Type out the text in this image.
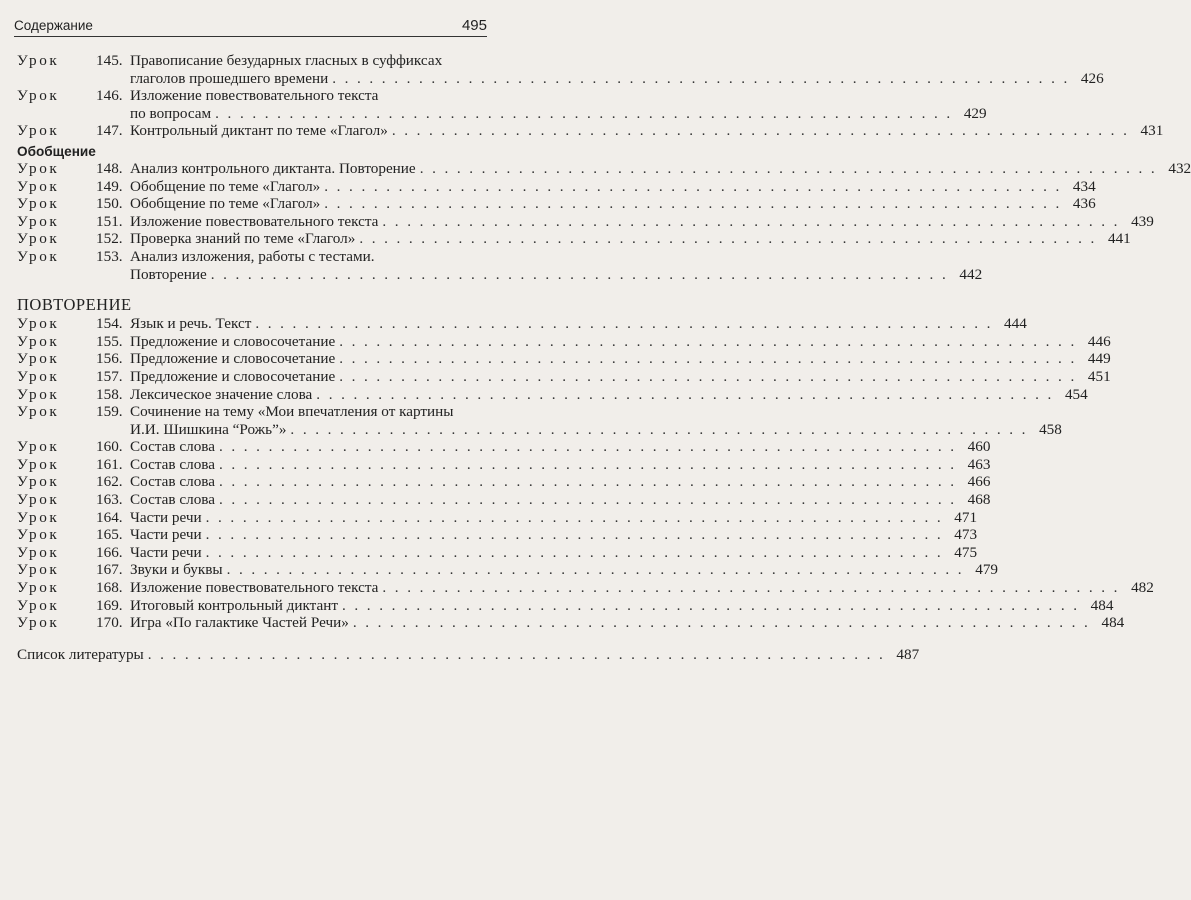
Содержание	495
Урок	145. Правописание безударных гласных в суффиксах
глаголов прошедшего времени . . . . . . . . . . . . . . . . . . . . . . . . . . . . . . . . . . . . . . . . . . . . . . . . . . . . . . . . . . . . 426
Урок	146. Изложение повествовательного текста
по вопросам . . . . . . . . . . . . . . . . . . . . . . . . . . . . . . . . . . . . . . . . . . . . . . . . . . . . . . . . . . . . 429
Урок	147. Контрольный диктант по теме «Глагол» . . . . . . . . . . . . . . . . . . . . . . . . . . . . . . . . . . . . . . . . . . . . . . . . . . . . . . . . . . . . 431
Обобщение
Урок	148. Анализ контрольного диктанта. Повторение . . . . . . . . . . . . . . . . . . . . . . . . . . . . . . . . . . . . . . . . . . . . . . . . . . . . . . . . . . . . 432
Урок	149. Обобщение по теме «Глагол» . . . . . . . . . . . . . . . . . . . . . . . . . . . . . . . . . . . . . . . . . . . . . . . . . . . . . . . . . . . . 434
Урок	150. Обобщение по теме «Глагол» . . . . . . . . . . . . . . . . . . . . . . . . . . . . . . . . . . . . . . . . . . . . . . . . . . . . . . . . . . . . 436
Урок	151. Изложение повествовательного текста . . . . . . . . . . . . . . . . . . . . . . . . . . . . . . . . . . . . . . . . . . . . . . . . . . . . . . . . . . . . 439
Урок	152. Проверка знаний по теме «Глагол» . . . . . . . . . . . . . . . . . . . . . . . . . . . . . . . . . . . . . . . . . . . . . . . . . . . . . . . . . . . . 441
Урок	153. Анализ изложения, работы с тестами.
Повторение . . . . . . . . . . . . . . . . . . . . . . . . . . . . . . . . . . . . . . . . . . . . . . . . . . . . . . . . . . . . 442
ПОВТОРЕНИЕ
Урок	154. Язык и речь. Текст . . . . . . . . . . . . . . . . . . . . . . . . . . . . . . . . . . . . . . . . . . . . . . . . . . . . . . . . . . . . 444
Урок	155. Предложение и словосочетание . . . . . . . . . . . . . . . . . . . . . . . . . . . . . . . . . . . . . . . . . . . . . . . . . . . . . . . . . . . . 446
Урок	156. Предложение и словосочетание . . . . . . . . . . . . . . . . . . . . . . . . . . . . . . . . . . . . . . . . . . . . . . . . . . . . . . . . . . . . 449
Урок	157. Предложение и словосочетание . . . . . . . . . . . . . . . . . . . . . . . . . . . . . . . . . . . . . . . . . . . . . . . . . . . . . . . . . . . . 451
Урок	158. Лексическое значение слова . . . . . . . . . . . . . . . . . . . . . . . . . . . . . . . . . . . . . . . . . . . . . . . . . . . . . . . . . . . . 454
Урок	159. Сочинение на тему «Мои впечатления от картины
И.И. Шишкина “Рожь”» . . . . . . . . . . . . . . . . . . . . . . . . . . . . . . . . . . . . . . . . . . . . . . . . . . . . . . . . . . . . 458
Урок	160. Состав слова . . . . . . . . . . . . . . . . . . . . . . . . . . . . . . . . . . . . . . . . . . . . . . . . . . . . . . . . . . . . 460
Урок	161. Состав слова . . . . . . . . . . . . . . . . . . . . . . . . . . . . . . . . . . . . . . . . . . . . . . . . . . . . . . . . . . . . 463
Урок	162. Состав слова . . . . . . . . . . . . . . . . . . . . . . . . . . . . . . . . . . . . . . . . . . . . . . . . . . . . . . . . . . . . 466
Урок	163. Состав слова . . . . . . . . . . . . . . . . . . . . . . . . . . . . . . . . . . . . . . . . . . . . . . . . . . . . . . . . . . . . 468
Урок	164. Части речи . . . . . . . . . . . . . . . . . . . . . . . . . . . . . . . . . . . . . . . . . . . . . . . . . . . . . . . . . . . . 471
Урок	165. Части речи . . . . . . . . . . . . . . . . . . . . . . . . . . . . . . . . . . . . . . . . . . . . . . . . . . . . . . . . . . . . 473
Урок	166. Части речи . . . . . . . . . . . . . . . . . . . . . . . . . . . . . . . . . . . . . . . . . . . . . . . . . . . . . . . . . . . . 475
Урок	167. Звуки и буквы . . . . . . . . . . . . . . . . . . . . . . . . . . . . . . . . . . . . . . . . . . . . . . . . . . . . . . . . . . . . 479
Урок	168. Изложение повествовательного текста . . . . . . . . . . . . . . . . . . . . . . . . . . . . . . . . . . . . . . . . . . . . . . . . . . . . . . . . . . . . 482
Урок	169. Итоговый контрольный диктант . . . . . . . . . . . . . . . . . . . . . . . . . . . . . . . . . . . . . . . . . . . . . . . . . . . . . . . . . . . . 484
Урок	170. Игра «По галактике Частей Речи» . . . . . . . . . . . . . . . . . . . . . . . . . . . . . . . . . . . . . . . . . . . . . . . . . . . . . . . . . . . . 484
Список литературы . . . . . . . . . . . . . . . . . . . . . . . . . . . . . . . . . . . . . . . . . . . . . . . . . . . . . . . . . . . . 487
